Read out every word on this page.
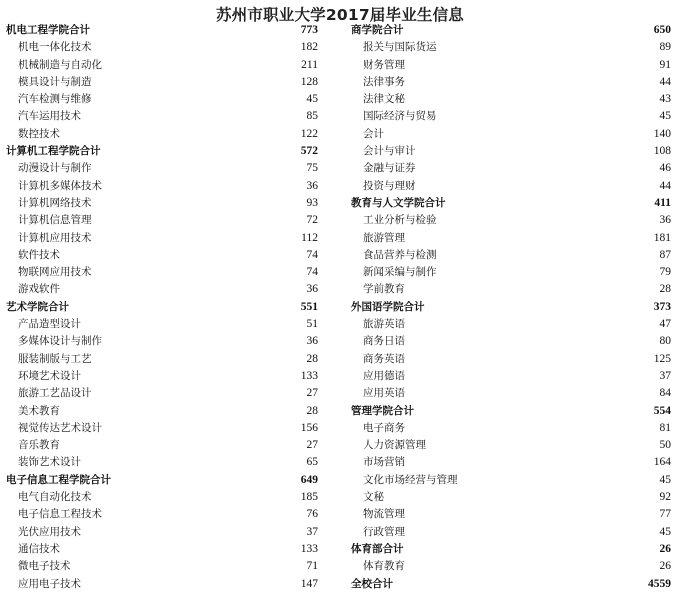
苏州市职业大学2017届毕业生信息
机电工程学院合计	773
机电一体化技术	182
机械制造与自动化	211
模具设计与制造	128
汽车检测与维修	45
汽车运用技术	85
数控技术	122
计算机工程学院合计	572
动漫设计与制作	75
计算机多媒体技术	36
计算机网络技术	93
计算机信息管理	72
计算机应用技术	112
软件技术	74
物联网应用技术	74
游戏软件	36
艺术学院合计	551
产品造型设计	51
多媒体设计与制作	36
服装制版与工艺	28
环境艺术设计	133
旅游工艺品设计	27
美术教育	28
视觉传达艺术设计	156
音乐教育	27
装饰艺术设计	65
电子信息工程学院合计	649
电气自动化技术	185
电子信息工程技术	76
光伏应用技术	37
通信技术	133
微电子技术	71
应用电子技术	147
商学院合计	650
报关与国际货运	89
财务管理	91
法律事务	44
法律文秘	43
国际经济与贸易	45
会计	140
会计与审计	108
金融与证券	46
投资与理财	44
教育与人文学院合计	411
工业分析与检验	36
旅游管理	181
食品营养与检测	87
新闻采编与制作	79
学前教育	28
外国语学院合计	373
旅游英语	47
商务日语	80
商务英语	125
应用德语	37
应用英语	84
管理学院合计	554
电子商务	81
人力资源管理	50
市场营销	164
文化市场经营与管理	45
文秘	92
物流管理	77
行政管理	45
体育部合计	26
体育教育	26
全校合计	4559
